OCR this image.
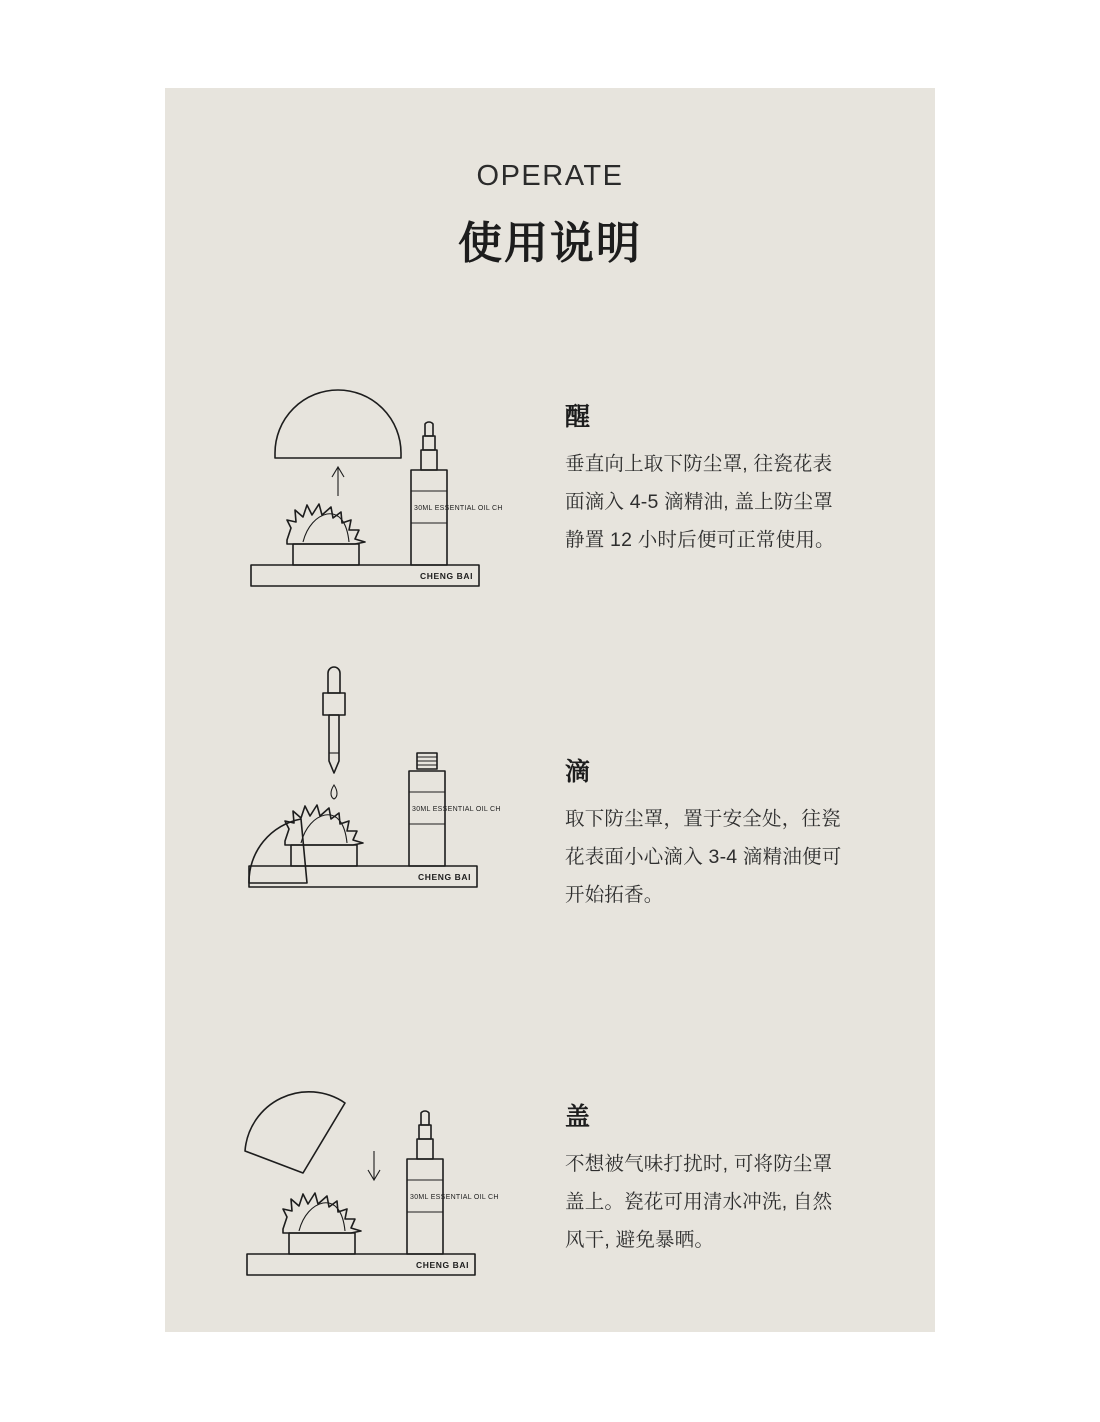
OPERATE
使用说明
CHENG BAI
30ML ESSENTIAL OIL CH
醒
垂直向上取下防尘罩, 往瓷花表面滴入 4-5 滴精油, 盖上防尘罩静置 12 小时后便可正常使用。
CHENG BAI
30ML ESSENTIAL OIL CH
滴
取下防尘罩，置于安全处，往瓷花表面小心滴入 3-4 滴精油便可开始拓香。
CHENG BAI
30ML ESSENTIAL OIL CH
盖
不想被气味打扰时, 可将防尘罩盖上。瓷花可用清水冲洗, 自然风干, 避免暴晒。
